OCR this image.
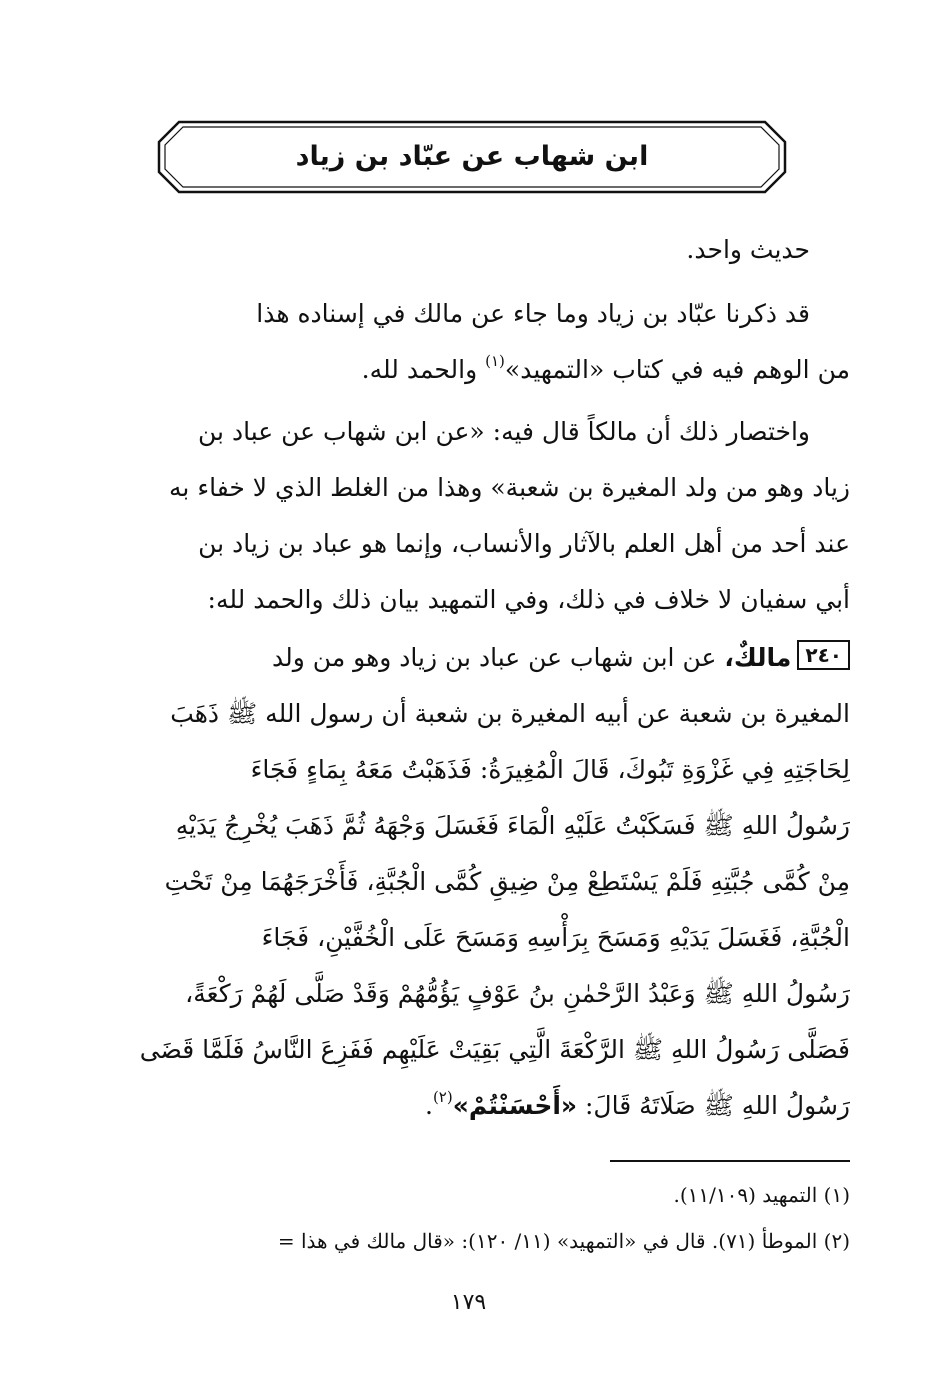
ابن شهاب عن عبّاد بن زياد

حديث واحد.

قد ذكرنا عبّاد بن زياد وما جاء عن مالك في إسناده هذا
من الوهم فيه في كتاب «التمهيد»$^{(١)}$ والحمد لله.
واختصار ذلك أن مالكاً قال فيه: «عن ابن شهاب عن عباد بن
زياد وهو من ولد المغيرة بن شعبة» وهذا من الغلط الذي لا خفاء به
عند أحد من أهل العلم بالآثار والأنساب، وإنما هو عباد بن زياد بن
أبي سفيان لا خلاف في ذلك، وفي التمهيد بيان ذلك والحمد لله:
٢٤٠مالكٌ، عن ابن شهاب عن عباد بن زياد وهو من ولد
المغيرة بن شعبة عن أبيه المغيرة بن شعبة أن رسول الله ﷺ ذَهَبَ
لِحَاجَتِهِ فِي غَزْوَةِ تَبُوكَ، قَالَ الْمُغِيرَةُ: فَذَهَبْتُ مَعَهُ بِمَاءٍ فَجَاءَ
رَسُولُ اللهِ ﷺ فَسَكَبْتُ عَلَيْهِ الْمَاءَ فَغَسَلَ وَجْهَهُ ثُمَّ ذَهَبَ يُخْرِجُ يَدَيْهِ
مِنْ كُمَّى جُبَّتِهِ فَلَمْ يَسْتَطِعْ مِنْ ضِيقِ كُمَّى الْجُبَّةِ، فَأَخْرَجَهُمَا مِنْ تَحْتِ
الْجُبَّةِ، فَغَسَلَ يَدَيْهِ وَمَسَحَ بِرَأْسِهِ وَمَسَحَ عَلَى الْخُفَّيْنِ، فَجَاءَ
رَسُولُ اللهِ ﷺ وَعَبْدُ الرَّحْمٰنِ بنُ عَوْفٍ يَؤُمُّهُمْ وَقَدْ صَلَّى لَهُمْ رَكْعَةً،
فَصَلَّى رَسُولُ اللهِ ﷺ الرَّكْعَةَ الَّتِي بَقِيَتْ عَلَيْهِم فَفَزِعَ النَّاسُ فَلَمَّا قَضَى
رَسُولُ اللهِ ﷺ صَلَاتَهُ قَالَ: «أَحْسَنْتُمْ»$^{(٢)}$.
(١) التمهيد (١١/١٠٩).
(٢) الموطأ (٧١). قال في «التمهيد» (١١/ ١٢٠): «قال مالك في هذا =
١٧٩
